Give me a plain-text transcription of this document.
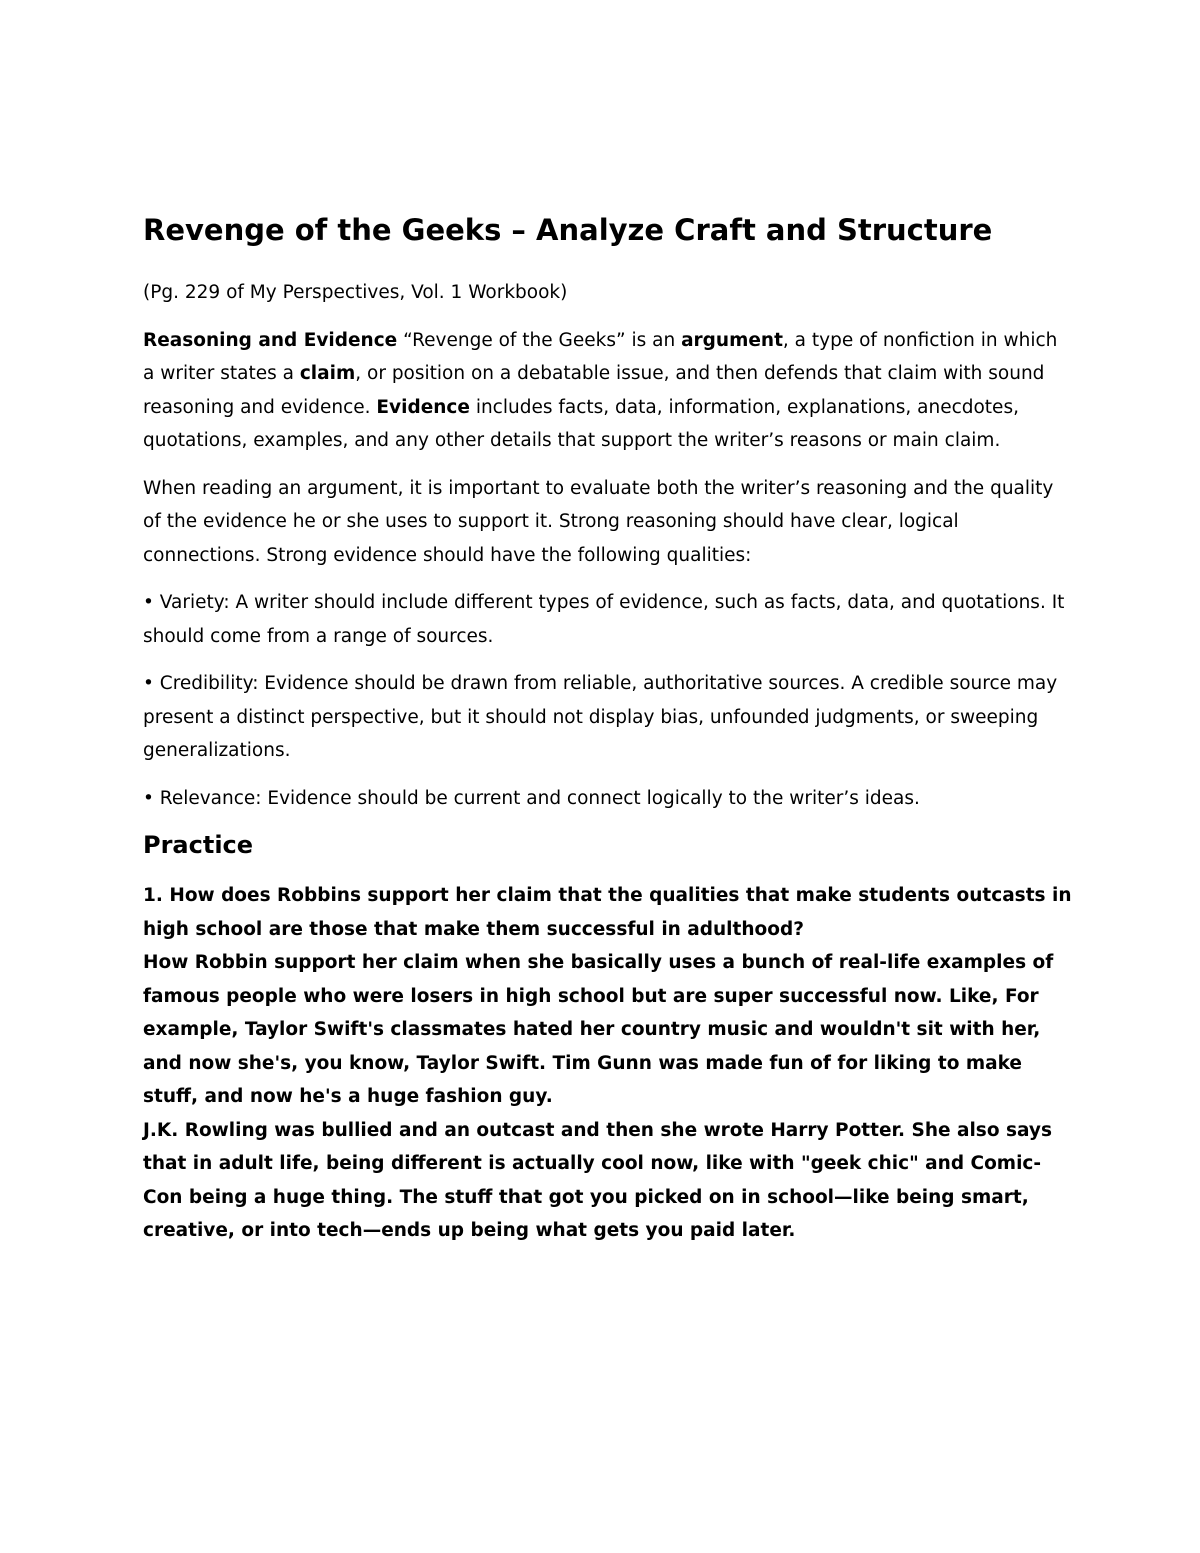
Revenge of the Geeks – Analyze Craft and Structure

(Pg. 229 of My Perspectives, Vol. 1 Workbook)

Reasoning and Evidence “Revenge of the Geeks” is an argument, a type of nonfiction in which a writer states a claim, or position on a debatable issue, and then defends that claim with sound reasoning and evidence. Evidence includes facts, data, information, explanations, anecdotes, quotations, examples, and any other details that support the writer’s reasons or main claim.

When reading an argument, it is important to evaluate both the writer’s reasoning and the quality of the evidence he or she uses to support it. Strong reasoning should have clear, logical connections. Strong evidence should have the following qualities:

• Variety: A writer should include different types of evidence, such as facts, data, and quotations. It should come from a range of sources.

• Credibility: Evidence should be drawn from reliable, authoritative sources. A credible source may present a distinct perspective, but it should not display bias, unfounded judgments, or sweeping generalizations.

• Relevance: Evidence should be current and connect logically to the writer’s ideas.

Practice

1. How does Robbins support her claim that the qualities that make students outcasts in high school are those that make them successful in adulthood?

How Robbin support her claim when she basically uses a bunch of real-life examples of famous people who were losers in high school but are super successful now. Like, For example, Taylor Swift's classmates hated her country music and wouldn't sit with her, and now she's, you know, Taylor Swift. Tim Gunn was made fun of for liking to make stuff, and now he's a huge fashion guy.

J.K. Rowling was bullied and an outcast and then she wrote Harry Potter. She also says that in adult life, being different is actually cool now, like with "geek chic" and Comic-Con being a huge thing. The stuff that got you picked on in school—like being smart, creative, or into tech—ends up being what gets you paid later.
